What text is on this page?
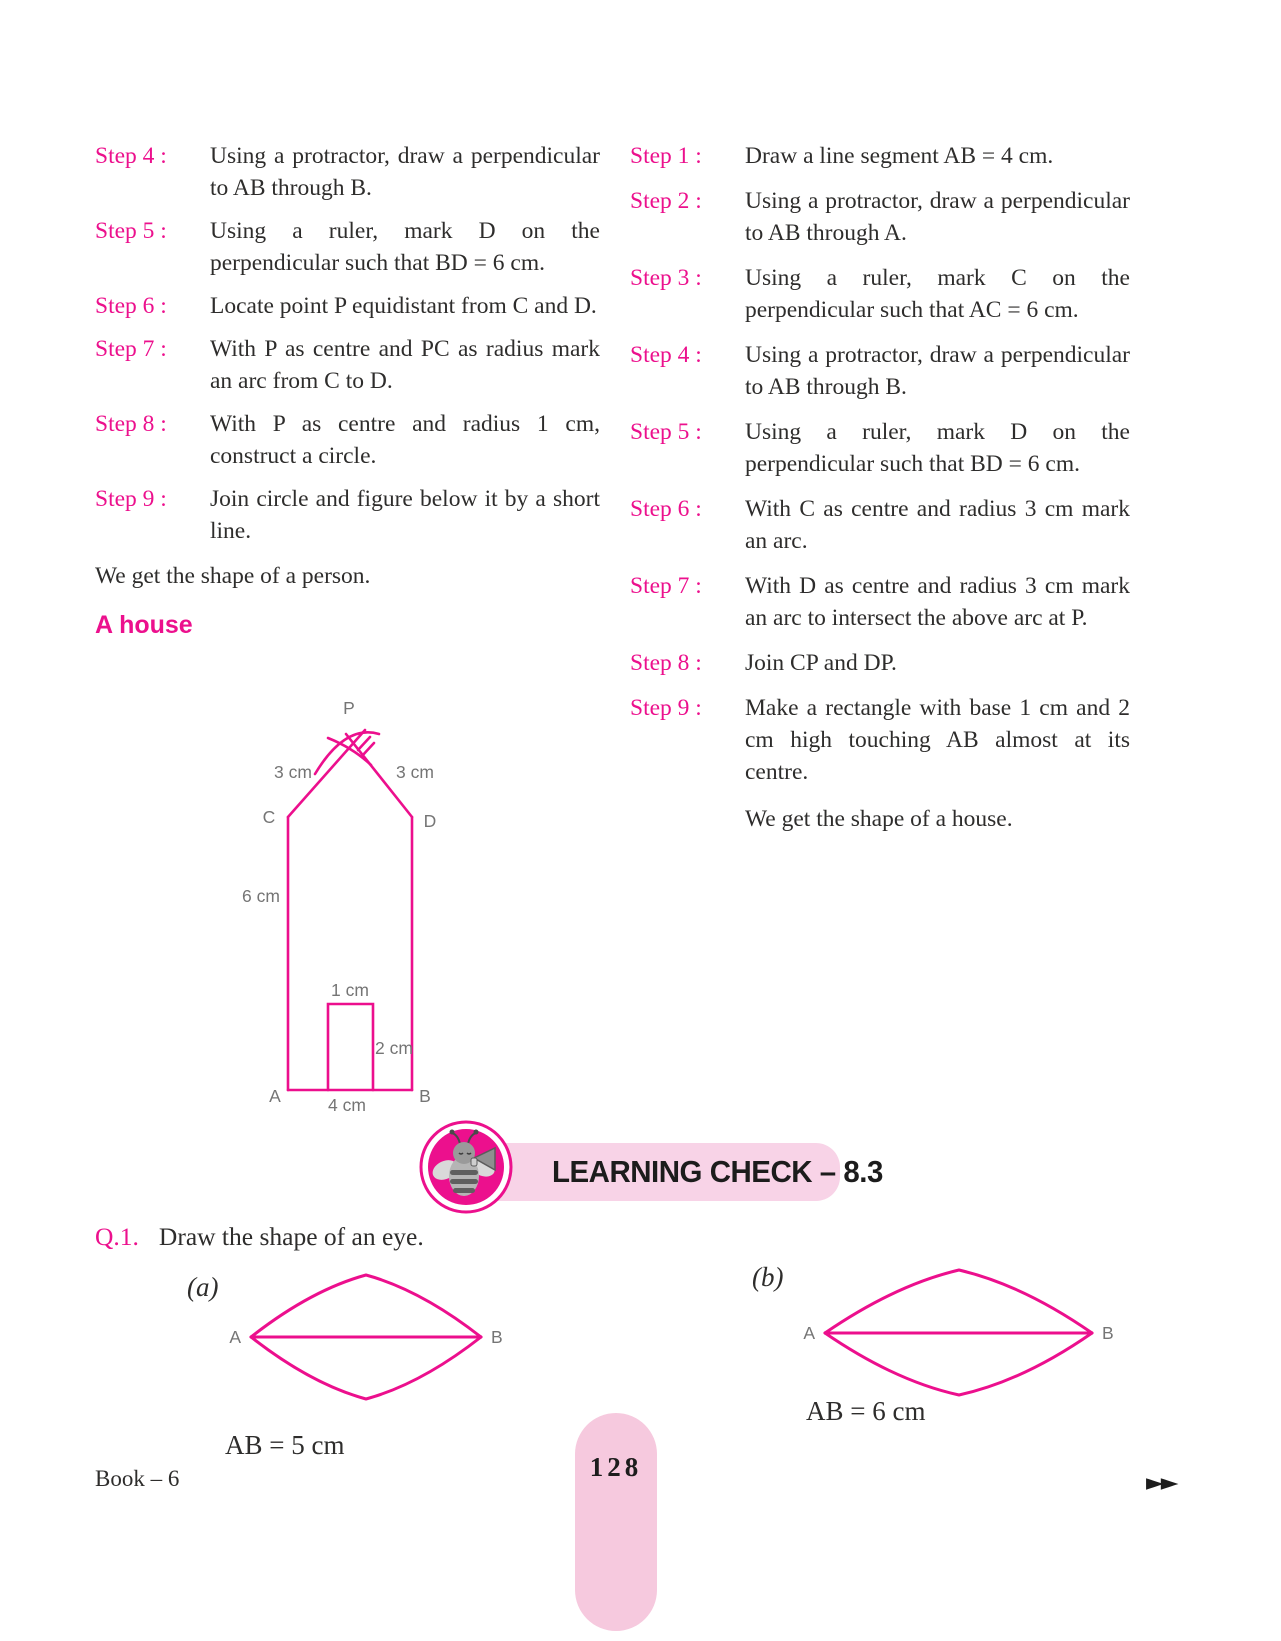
Step 4 :	Using a protractor, draw a perpendicular to AB through B.
Step 5 :	Using a ruler, mark D on the perpendicular such that BD = 6 cm.
Step 6 :	Locate point P equidistant from C and D.
Step 7 :	With P as centre and PC as radius mark an arc from C to D.
Step 8 :	With P as centre and radius 1 cm, construct a circle.
Step 9 :	Join circle and figure below it by a short line.
We get the shape of a person.
A house
Step 1 :	Draw a line segment AB = 4 cm.
Step 2 :	Using a protractor, draw a perpendicular to AB through A.
Step 3 :	Using a ruler, mark C on the perpendicular such that AC = 6 cm.
Step 4 :	Using a protractor, draw a perpendicular to AB through B.
Step 5 :	Using a ruler, mark D on the perpendicular such that BD = 6 cm.
Step 6 :	With C as centre and radius 3 cm mark an arc.
Step 7 :	With D as centre and radius 3 cm mark an arc to intersect the above arc at P.
Step 8 :	Join CP and DP.
Step 9 :	Make a rectangle with base 1 cm and 2 cm high touching AB almost at its centre.
We get the shape of a house.
P
3 cm	3 cm
C	D
6 cm
1 cm
2 cm
A	B
4 cm
LEARNING CHECK – 8.3
Q.1. Draw the shape of an eye.
(a)
A	B
AB = 5 cm
(b)
A	B
AB = 6 cm
Book – 6	128
►►
